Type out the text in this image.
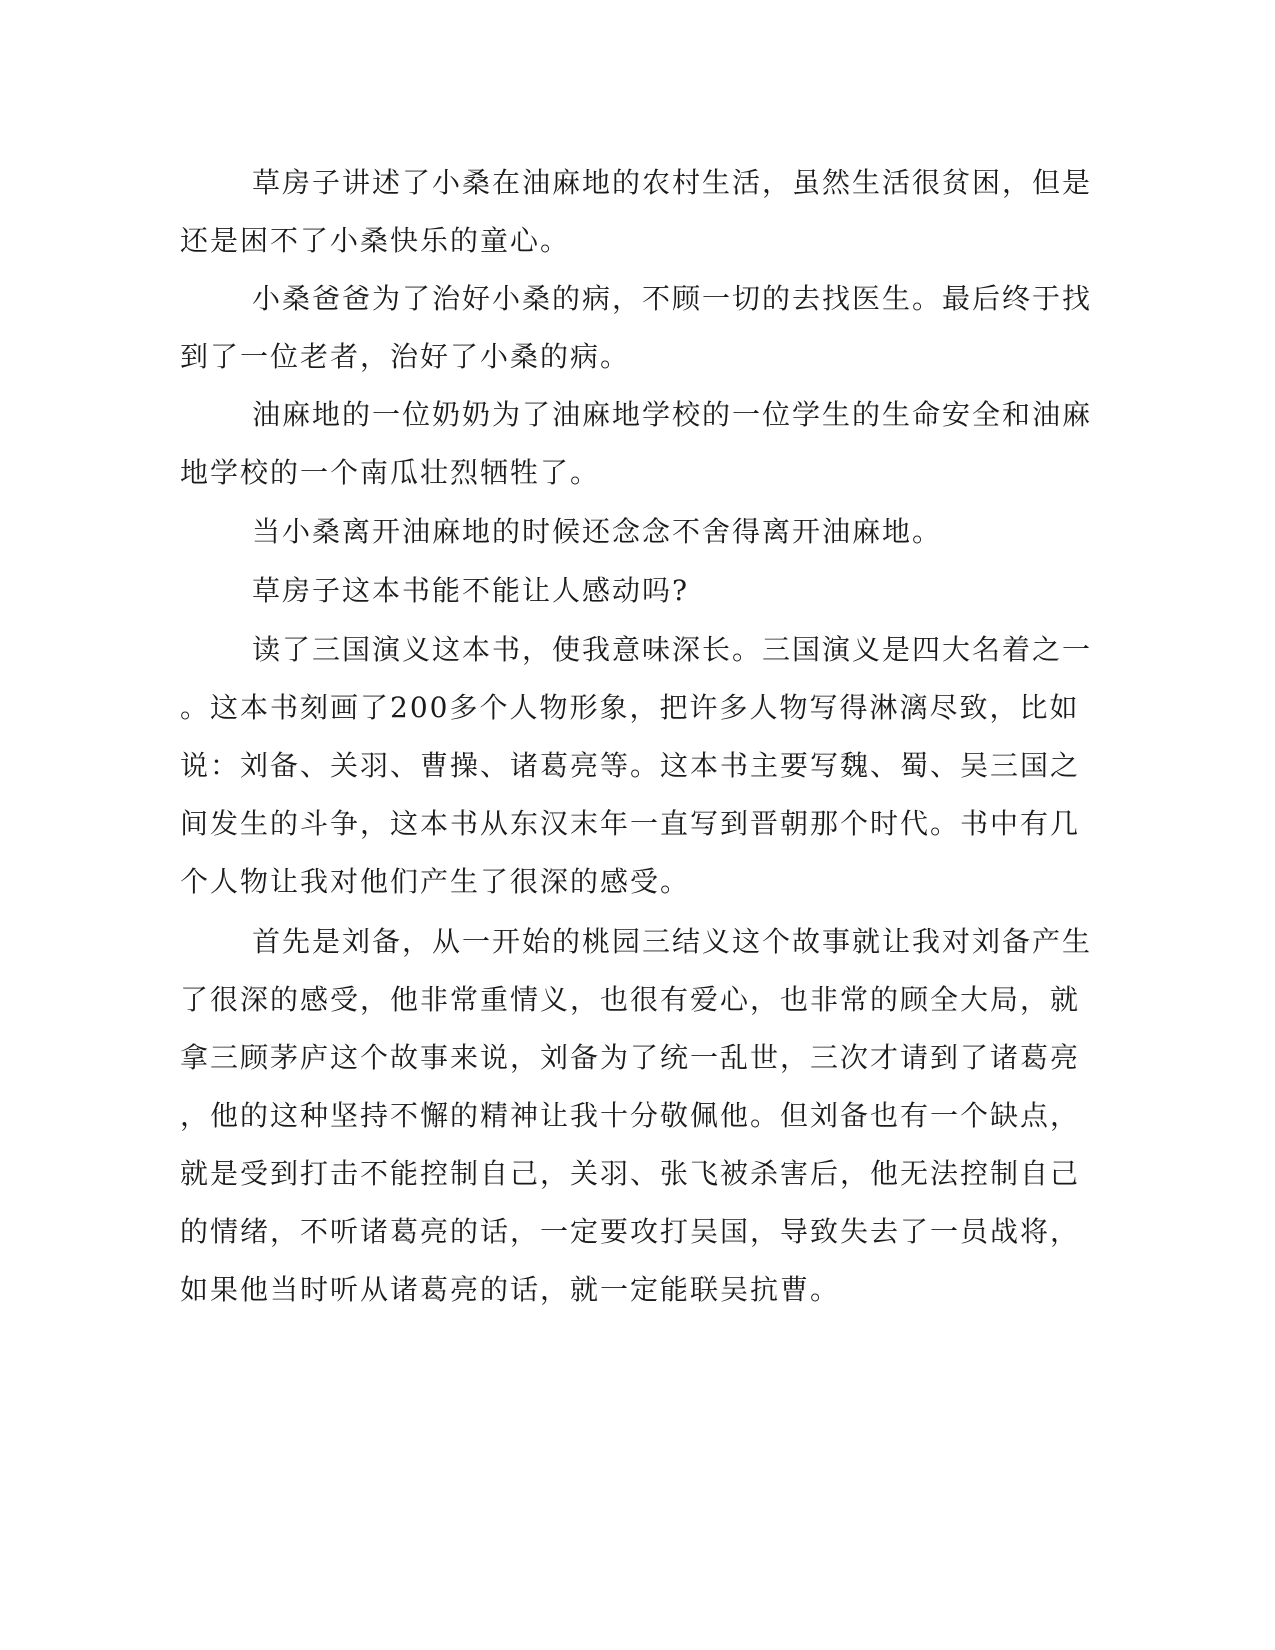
草房子讲述了小桑在油麻地的农村生活，虽然生活很贫困，但是

还是困不了小桑快乐的童心。

小桑爸爸为了治好小桑的病，不顾一切的去找医生。最后终于找

到了一位老者，治好了小桑的病。

油麻地的一位奶奶为了油麻地学校的一位学生的生命安全和油麻

地学校的一个南瓜壮烈牺牲了。

当小桑离开油麻地的时候还念念不舍得离开油麻地。

草房子这本书能不能让人感动吗?

读了三国演义这本书，使我意味深长。三国演义是四大名着之一

。这本书刻画了200多个人物形象，把许多人物写得淋漓尽致，比如

说：刘备、关羽、曹操、诸葛亮等。这本书主要写魏、蜀、吴三国之

间发生的斗争，这本书从东汉末年一直写到晋朝那个时代。书中有几

个人物让我对他们产生了很深的感受。

首先是刘备，从一开始的桃园三结义这个故事就让我对刘备产生

了很深的感受，他非常重情义，也很有爱心，也非常的顾全大局，就

拿三顾茅庐这个故事来说，刘备为了统一乱世，三次才请到了诸葛亮

，他的这种坚持不懈的精神让我十分敬佩他。但刘备也有一个缺点，

就是受到打击不能控制自己，关羽、张飞被杀害后，他无法控制自己

的情绪，不听诸葛亮的话，一定要攻打吴国，导致失去了一员战将，

如果他当时听从诸葛亮的话，就一定能联吴抗曹。
